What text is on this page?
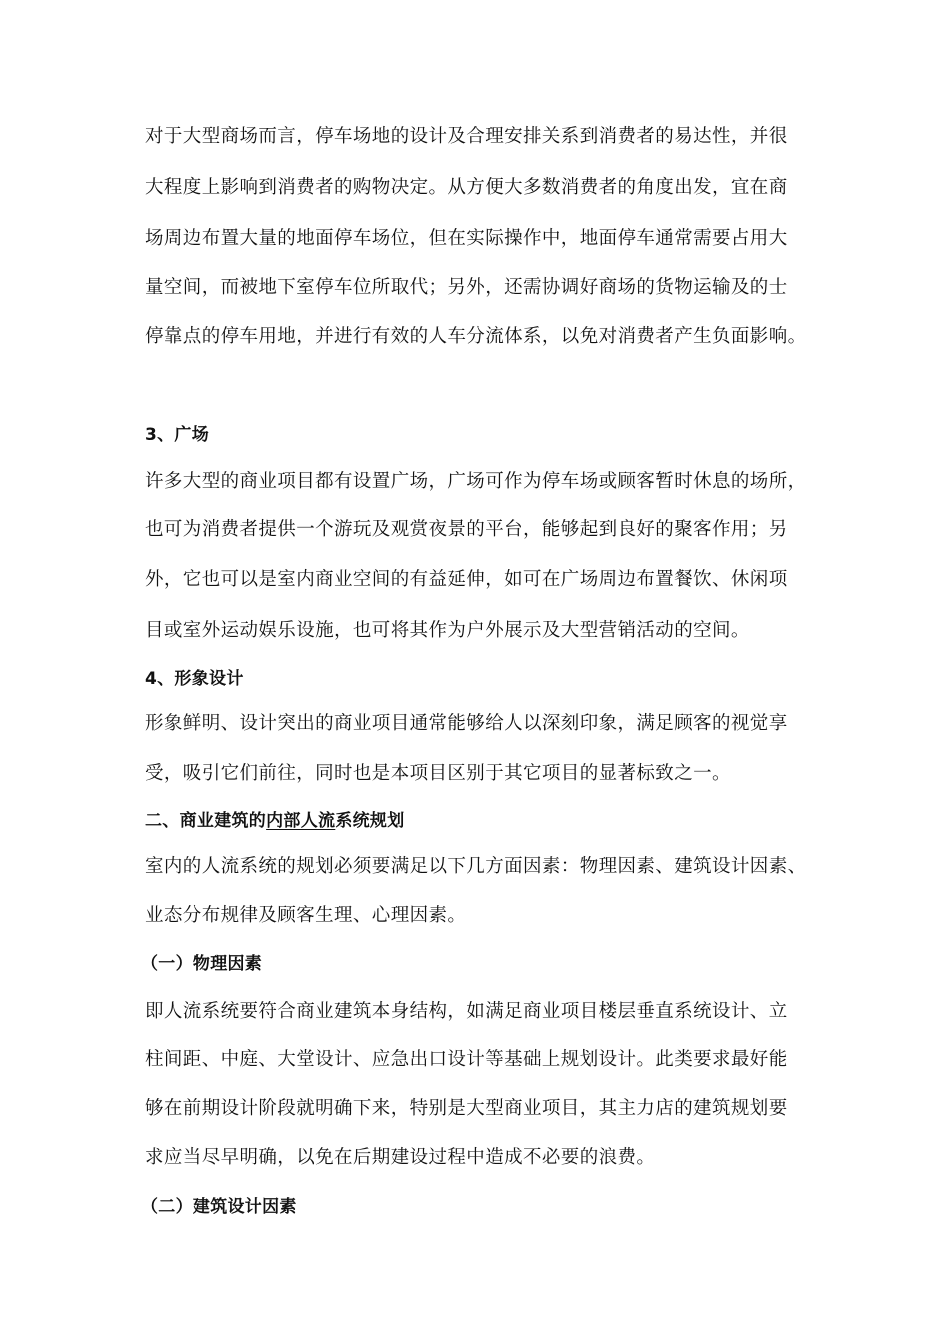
对于大型商场而言，停车场地的设计及合理安排关系到消费者的易达性，并很
大程度上影响到消费者的购物决定。从方便大多数消费者的角度出发，宜在商
场周边布置大量的地面停车场位，但在实际操作中，地面停车通常需要占用大
量空间，而被地下室停车位所取代；另外，还需协调好商场的货物运输及的士
停靠点的停车用地，并进行有效的人车分流体系，以免对消费者产生负面影响。
3、广场
许多大型的商业项目都有设置广场，广场可作为停车场或顾客暂时休息的场所，
也可为消费者提供一个游玩及观赏夜景的平台，能够起到良好的聚客作用；另
外，它也可以是室内商业空间的有益延伸，如可在广场周边布置餐饮、休闲项
目或室外运动娱乐设施，也可将其作为户外展示及大型营销活动的空间。
4、形象设计
形象鲜明、设计突出的商业项目通常能够给人以深刻印象，满足顾客的视觉享
受，吸引它们前往，同时也是本项目区别于其它项目的显著标致之一。
二、商业建筑的内部人流系统规划
室内的人流系统的规划必须要满足以下几方面因素：物理因素、建筑设计因素、
业态分布规律及顾客生理、心理因素。
（一）物理因素
即人流系统要符合商业建筑本身结构，如满足商业项目楼层垂直系统设计、立
柱间距、中庭、大堂设计、应急出口设计等基础上规划设计。此类要求最好能
够在前期设计阶段就明确下来，特别是大型商业项目，其主力店的建筑规划要
求应当尽早明确，以免在后期建设过程中造成不必要的浪费。
（二）建筑设计因素
